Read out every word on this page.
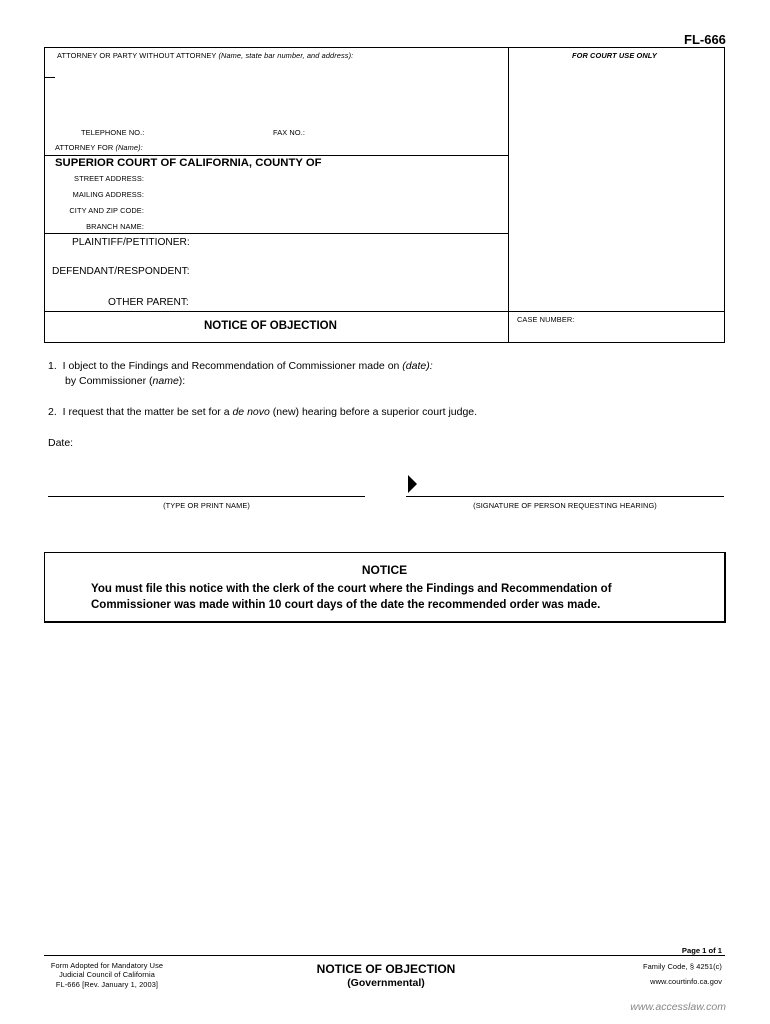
FL-666
ATTORNEY OR PARTY WITHOUT ATTORNEY (Name, state bar number, and address):	FOR COURT USE ONLY
TELEPHONE NO.:	FAX NO.:
ATTORNEY FOR (Name):
SUPERIOR COURT OF CALIFORNIA, COUNTY OF
STREET ADDRESS:
MAILING ADDRESS:
CITY AND ZIP CODE:
BRANCH NAME:
PLAINTIFF/PETITIONER:
DEFENDANT/RESPONDENT:
OTHER PARENT:
NOTICE OF OBJECTION
CASE NUMBER:
1. I object to the Findings and Recommendation of Commissioner made on (date):
by Commissioner (name):
2. I request that the matter be set for a de novo (new) hearing before a superior court judge.
Date:
(TYPE OR PRINT NAME)	(SIGNATURE OF PERSON REQUESTING HEARING)
NOTICE
You must file this notice with the clerk of the court where the Findings and Recommendation of
Commissioner was made within 10 court days of the date the recommended order was made.
Page 1 of 1
Form Adopted for Mandatory Use
Judicial Council of California
FL-666 [Rev. January 1, 2003]
NOTICE OF OBJECTION
(Governmental)
Family Code, § 4251(c)
www.courtinfo.ca.gov
www.accesslaw.com
